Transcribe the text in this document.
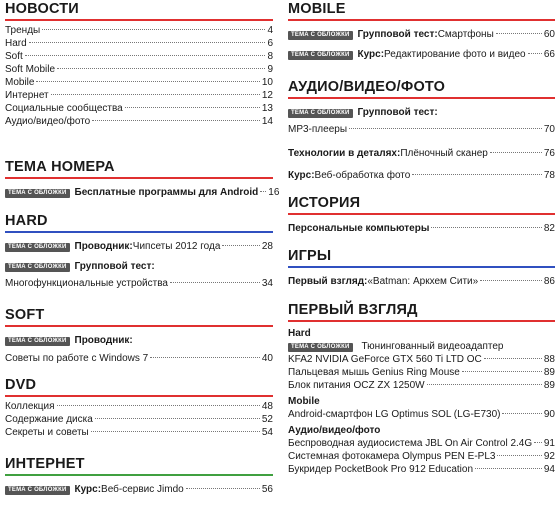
НОВОСТИ
Тренды	4
Hard	6
Soft	8
Soft Mobile	9
Mobile	10
Интернет	12
Социальные сообщества	13
Аудио/видео/фото	14
ТЕМА НОМЕРА
ТЕМА С ОБЛОЖКИ Бесплатные программы для Android 16
HARD
ТЕМА С ОБЛОЖКИ Проводник: Чипсеты 2012 года	28
ТЕМА С ОБЛОЖКИ Групповой тест:
Многофункциональные устройства	34
SOFT
ТЕМА С ОБЛОЖКИ Проводник:
Советы по работе с Windows 7	40
DVD
Коллекция	48
Содержание диска	52
Секреты и советы	54
ИНТЕРНЕТ
ТЕМА С ОБЛОЖКИ Курс: Веб-сервис Jimdo	56
MOBILE
ТЕМА С ОБЛОЖКИ Групповой тест: Смартфоны	60
ТЕМА С ОБЛОЖКИ Курс: Редактирование фото и видео 66
АУДИО/ВИДЕО/ФОТО
ТЕМА С ОБЛОЖКИ Групповой тест:
MP3-плееры	70
Технологии в деталях: Плёночный сканер	76
Курс: Веб-обработка фото	78
ИСТОРИЯ
Персональные компьютеры	82
ИГРЫ
Первый взгляд: «Batman: Аркхем Сити»	86
ПЕРВЫЙ ВЗГЛЯД
Hard
ТЕМА С ОБЛОЖКИ	Тюнингованный видеоадаптер
KFA2 NVIDIA GeForce GTX 560 Ti LTD OC	88
Пальцевая мышь Genius Ring Mouse	89
Блок питания OCZ ZX 1250W	89
Mobile
Android-смартфон LG Optimus SOL (LG-E730)	90
Аудио/видео/фото
Беспроводная аудиосистема JBL On Air Control 2.4G 91
Системная фотокамера Olympus PEN E-PL3	92
Букридер PocketBook Pro 912 Education	94
